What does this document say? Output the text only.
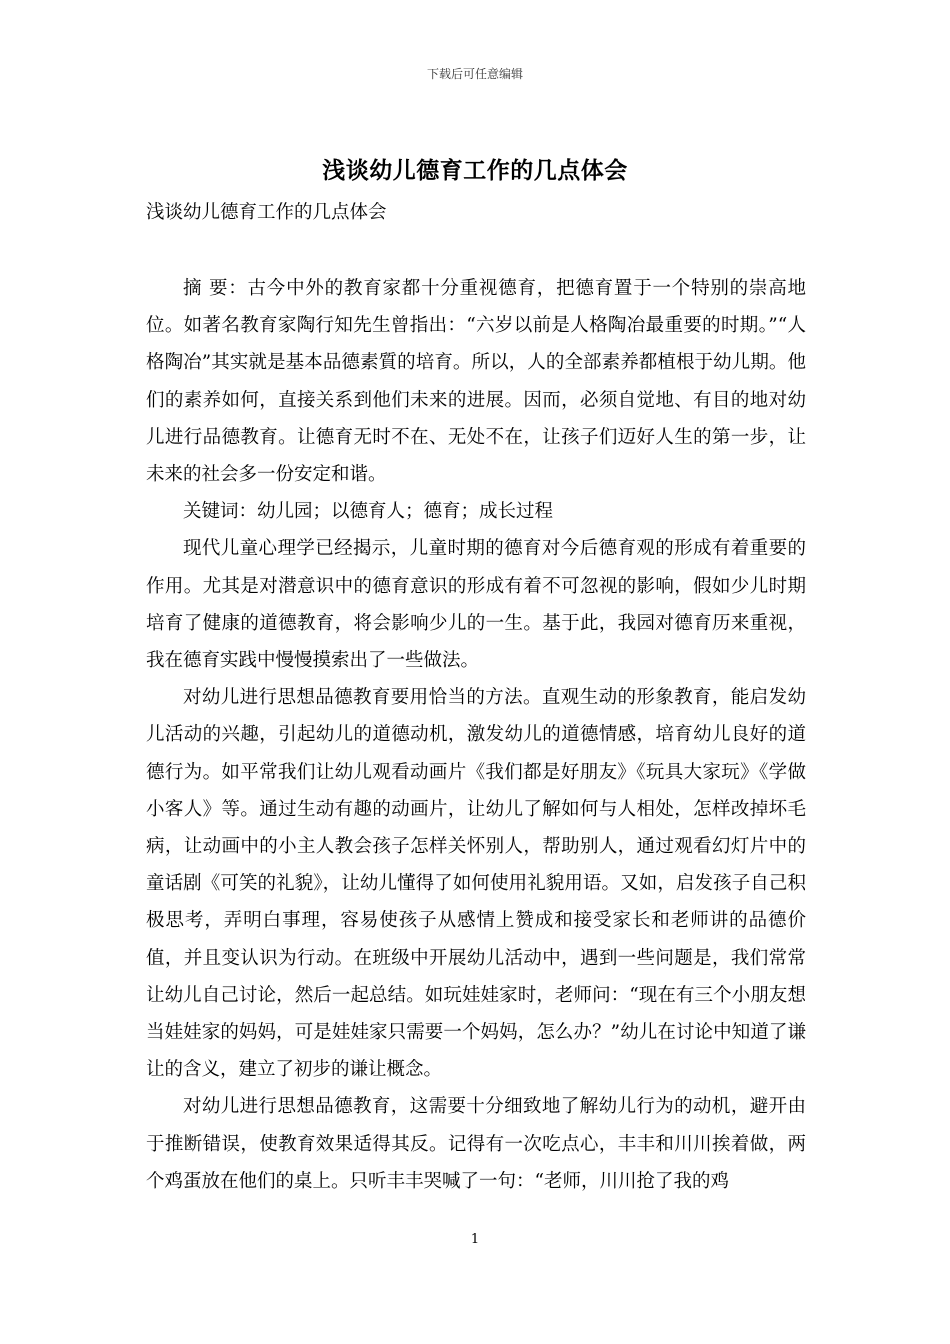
下载后可任意编辑
浅谈幼儿德育工作的几点体会
浅谈幼儿德育工作的几点体会

摘 要：古今中外的教育家都十分重视德育，把德育置于一个特别的崇高地位。如著名教育家陶行知先生曾指出：“六岁以前是人格陶冶最重要的时期。”“人格陶冶”其实就是基本品德素質的培育。所以，人的全部素养都植根于幼儿期。他们的素养如何，直接关系到他们未来的进展。因而，必须自觉地、有目的地对幼儿进行品德教育。让德育无时不在、无处不在，让孩子们迈好人生的第一步，让未来的社会多一份安定和谐。

关键词：幼儿园；以德育人；德育；成长过程

现代儿童心理学已经揭示，儿童时期的德育对今后德育观的形成有着重要的作用。尤其是对潜意识中的德育意识的形成有着不可忽视的影响，假如少儿时期培育了健康的道德教育，将会影响少儿的一生。基于此，我园对德育历来重视，我在德育实践中慢慢摸索出了一些做法。

对幼儿进行思想品德教育要用恰当的方法。直观生动的形象教育，能启发幼儿活动的兴趣，引起幼儿的道德动机，激发幼儿的道德情感，培育幼儿良好的道德行为。如平常我们让幼儿观看动画片《我们都是好朋友》《玩具大家玩》《学做小客人》等。通过生动有趣的动画片，让幼儿了解如何与人相处，怎样改掉坏毛病，让动画中的小主人教会孩子怎样关怀别人，帮助别人，通过观看幻灯片中的童话剧《可笑的礼貌》，让幼儿懂得了如何使用礼貌用语。又如，启发孩子自己积极思考，弄明白事理，容易使孩子从感情上赞成和接受家长和老师讲的品德价值，并且变认识为行动。在班级中开展幼儿活动中，遇到一些问题是，我们常常让幼儿自己讨论，然后一起总结。如玩娃娃家时，老师问：“现在有三个小朋友想当娃娃家的妈妈，可是娃娃家只需要一个妈妈，怎么办？”幼儿在讨论中知道了谦让的含义，建立了初步的谦让概念。

对幼儿进行思想品德教育，这需要十分细致地了解幼儿行为的动机，避开由于推断错误，使教育效果适得其反。记得有一次吃点心，丰丰和川川挨着做，两个鸡蛋放在他们的桌上。只听丰丰哭喊了一句：“老师，川川抢了我的鸡

1
